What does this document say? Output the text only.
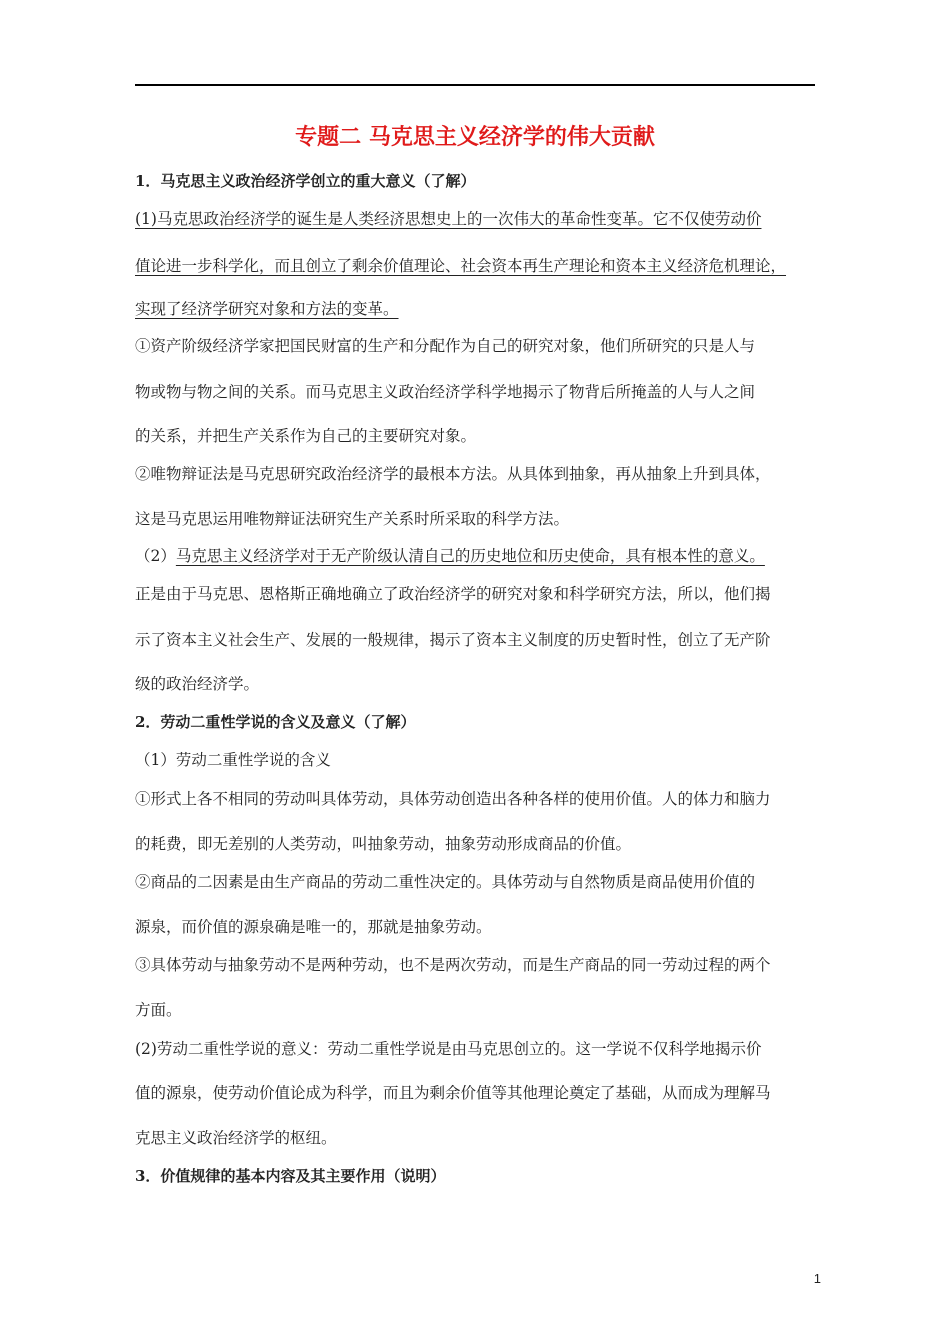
专题二 马克思主义经济学的伟大贡献
1．马克思主义政治经济学创立的重大意义（了解）
(1)马克思政治经济学的诞生是人类经济思想史上的一次伟大的革命性变革。它不仅使劳动价
值论进一步科学化，而且创立了剩余价值理论、社会资本再生产理论和资本主义经济危机理论，
实现了经济学研究对象和方法的变革。
①资产阶级经济学家把国民财富的生产和分配作为自己的研究对象，他们所研究的只是人与
物或物与物之间的关系。而马克思主义政治经济学科学地揭示了物背后所掩盖的人与人之间
的关系，并把生产关系作为自己的主要研究对象。
②唯物辩证法是马克思研究政治经济学的最根本方法。从具体到抽象，再从抽象上升到具体，
这是马克思运用唯物辩证法研究生产关系时所采取的科学方法。
（2）马克思主义经济学对于无产阶级认清自己的历史地位和历史使命，具有根本性的意义。
正是由于马克思、恩格斯正确地确立了政治经济学的研究对象和科学研究方法，所以，他们揭
示了资本主义社会生产、发展的一般规律，揭示了资本主义制度的历史暂时性，创立了无产阶
级的政治经济学。
2．劳动二重性学说的含义及意义（了解）
（1）劳动二重性学说的含义
①形式上各不相同的劳动叫具体劳动，具体劳动创造出各种各样的使用价值。人的体力和脑力
的耗费，即无差别的人类劳动，叫抽象劳动，抽象劳动形成商品的价值。
②商品的二因素是由生产商品的劳动二重性决定的。具体劳动与自然物质是商品使用价值的
源泉，而价值的源泉确是唯一的，那就是抽象劳动。
③具体劳动与抽象劳动不是两种劳动，也不是两次劳动，而是生产商品的同一劳动过程的两个
方面。
(2)劳动二重性学说的意义：劳动二重性学说是由马克思创立的。这一学说不仅科学地揭示价
值的源泉，使劳动价值论成为科学，而且为剩余价值等其他理论奠定了基础，从而成为理解马
克思主义政治经济学的枢纽。
3．价值规律的基本内容及其主要作用（说明）
1
